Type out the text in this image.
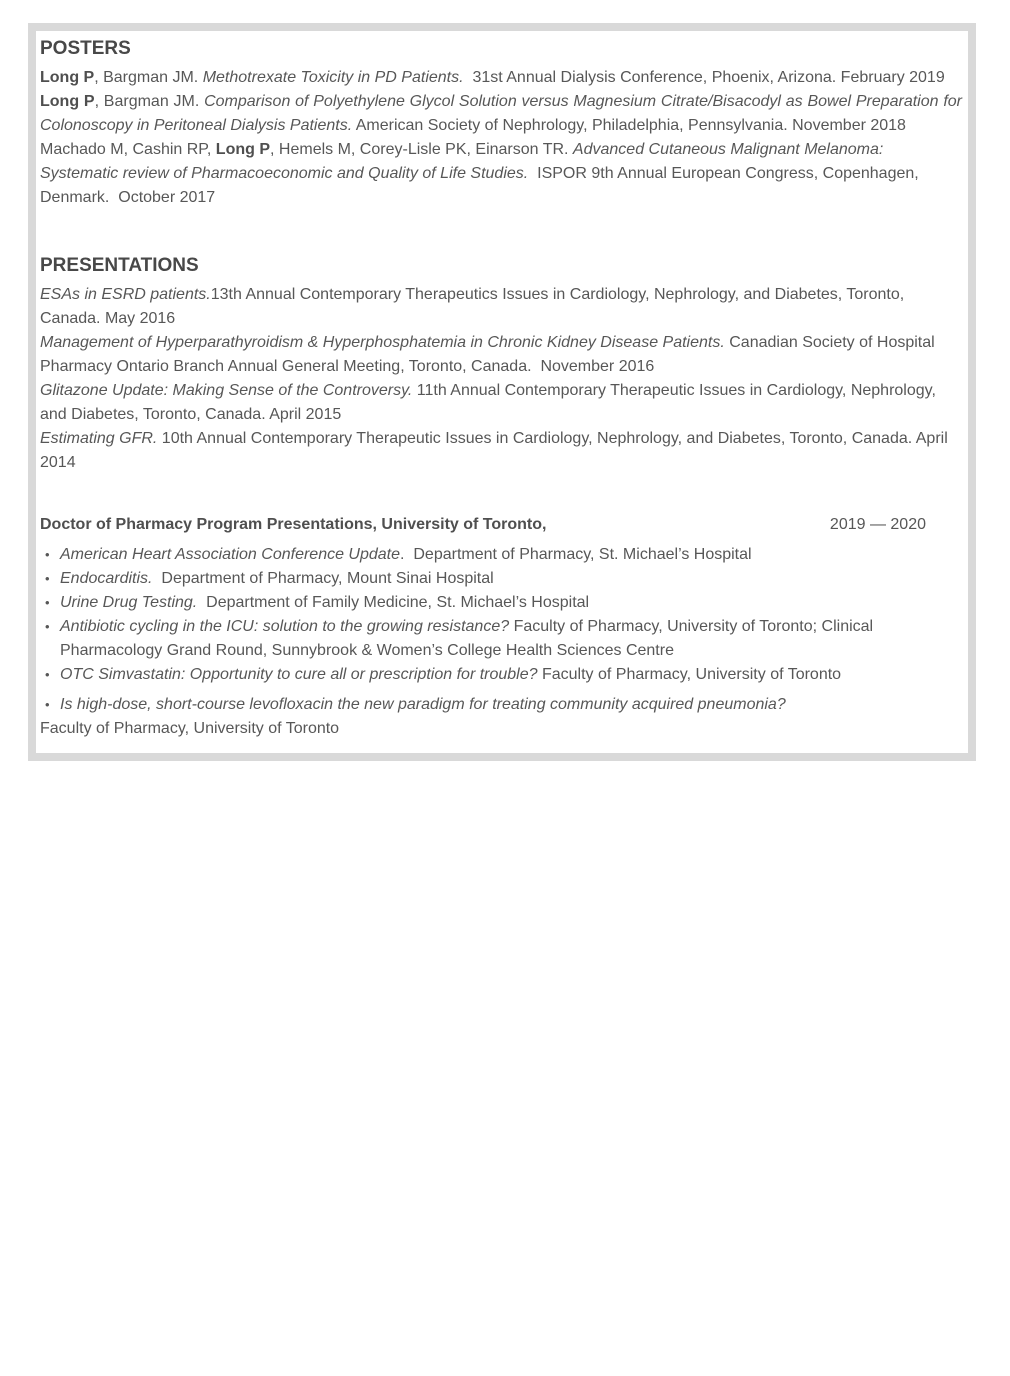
POSTERS

Long P, Bargman JM. Methotrexate Toxicity in PD Patients.  31st Annual Dialysis Conference, Phoenix, Arizona. February 2019

Long P, Bargman JM. Comparison of Polyethylene Glycol Solution versus Magnesium Citrate/Bisacodyl as Bowel Preparation for Colonoscopy in Peritoneal Dialysis Patients. American Society of Nephrology, Philadelphia, Pennsylvania. November 2018

Machado M, Cashin RP, Long P, Hemels M, Corey-Lisle PK, Einarson TR. Advanced Cutaneous Malignant Melanoma: Systematic review of Pharmacoeconomic and Quality of Life Studies.  ISPOR 9th Annual European Congress, Copenhagen, Denmark.  October 2017

PRESENTATIONS

ESAs in ESRD patients.13th Annual Contemporary Therapeutics Issues in Cardiology, Nephrology, and Diabetes, Toronto, Canada. May 2016

Management of Hyperparathyroidism & Hyperphosphatemia in Chronic Kidney Disease Patients. Canadian Society of Hospital Pharmacy Ontario Branch Annual General Meeting, Toronto, Canada.  November 2016

Glitazone Update: Making Sense of the Controversy. 11th Annual Contemporary Therapeutic Issues in Cardiology, Nephrology, and Diabetes, Toronto, Canada. April 2015

Estimating GFR. 10th Annual Contemporary Therapeutic Issues in Cardiology, Nephrology, and Diabetes, Toronto, Canada. April 2014

Doctor of Pharmacy Program Presentations, University of Toronto,	2019 — 2020

• American Heart Association Conference Update.  Department of Pharmacy, St. Michael’s Hospital

• Endocarditis.  Department of Pharmacy, Mount Sinai Hospital

• Urine Drug Testing.  Department of Family Medicine, St. Michael’s Hospital

• Antibiotic cycling in the ICU: solution to the growing resistance? Faculty of Pharmacy, University of Toronto; Clinical Pharmacology Grand Round, Sunnybrook & Women’s College Health Sciences Centre

• OTC Simvastatin: Opportunity to cure all or prescription for trouble? Faculty of Pharmacy, University of Toronto

• Is high-dose, short-course levofloxacin the new paradigm for treating community acquired pneumonia?

Faculty of Pharmacy, University of Toronto
